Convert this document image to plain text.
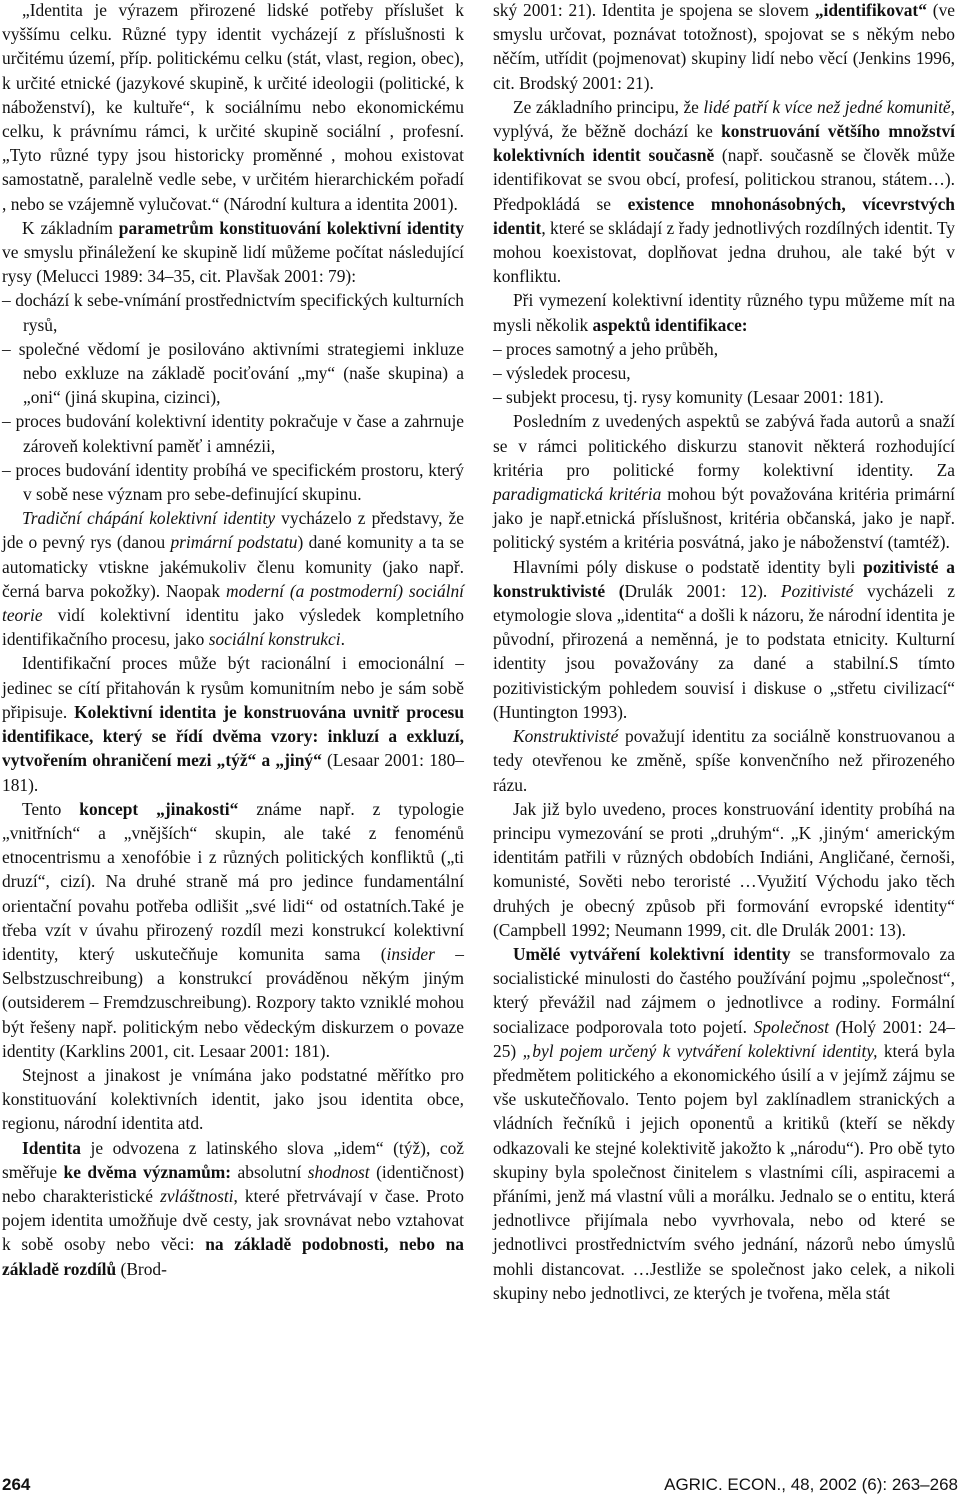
„Identita je výrazem přirozené lidské potřeby příslušet k vyššímu celku. Různé typy identit vycházejí z příslušnosti k určitému území, příp. politickému celku (stát, vlast, region, obec), k určité etnické (jazykové skupině, k určité ideologii (politické, k náboženství), ke kultuře“, k sociálnímu nebo ekonomickému celku, k právnímu rámci, k určité skupině sociální , profesní. „Tyto různé typy jsou historicky proměnné , mohou existovat samostatně, paralelně vedle sebe, v určitém hierarchickém pořadí , nebo se vzájemně vylučovat.“ (Národní kultura a identita 2001).

K základním parametrům konstituování kolektivní identity ve smyslu přináležení ke skupině lidí můžeme počítat následující rysy (Melucci 1989: 34–35, cit. Plavšak 2001: 79):

– dochází k sebe-vnímání prostřednictvím specifických kulturních rysů,

– společné vědomí je posilováno aktivními strategiemi inkluze nebo exkluze na základě pociťování „my“ (naše skupina) a „oni“ (jiná skupina, cizinci),

– proces budování kolektivní identity pokračuje v čase a zahrnuje zároveň kolektivní paměť i amnézii,

– proces budování identity probíhá ve specifickém prostoru, který v sobě nese význam pro sebe-definující skupinu.

Tradiční chápání kolektivní identity vycházelo z představy, že jde o pevný rys (danou primární podstatu) dané komunity a ta se automaticky vtiskne jakémukoliv členu komunity (jako např. černá barva pokožky). Naopak moderní (a postmoderní) sociální teorie vidí kolektivní identitu jako výsledek kompletního identifikačního procesu, jako sociální konstrukci.

Identifikační proces může být racionální i emocionální – jedinec se cítí přitahován k rysům komunitním nebo je sám sobě připisuje. Kolektivní identita je konstruována uvnitř procesu identifikace, který se řídí dvěma vzory: inkluzí a exkluzí, vytvořením ohraničení mezi „týž“ a „jiný“ (Lesaar 2001: 180–181).

Tento koncept „jinakosti“ známe např. z typologie „vnitřních“ a „vnějších“ skupin, ale také z fenoménů etnocentrismu a xenofóbie i z různých politických konfliktů („ti druzí“, cizí). Na druhé straně má pro jedince fundamentální orientační povahu potřeba odlišit „své lidi“ od ostatních.Také je třeba vzít v úvahu přirozený rozdíl mezi konstrukcí kolektivní identity, který uskutečňuje komunita sama (insider – Selbstzuschreibung) a konstrukcí prováděnou někým jiným (outsiderem – Fremdzuschreibung). Rozpory takto vzniklé mohou být řešeny např. politickým nebo vědeckým diskurzem o povaze identity (Karklins 2001, cit. Lesaar 2001: 181).

Stejnost a jinakost je vnímána jako podstatné měřítko pro konstituování kolektivních identit, jako jsou identita obce, regionu, národní identita atd.

Identita je odvozena z latinského slova „idem“ (týž), což směřuje ke dvěma významům: absolutní shodnost (identičnost) nebo charakteristické zvláštnosti, které přetrvávají v čase. Proto pojem identita umožňuje dvě cesty, jak srovnávat nebo vztahovat k sobě osoby nebo věci: na základě podobnosti, nebo na základě rozdílů (Brod-

ský 2001: 21). Identita je spojena se slovem „identifikovat“ (ve smyslu určovat, poznávat totožnost), spojovat se s někým nebo něčím, utřídit (pojmenovat) skupiny lidí nebo věcí (Jenkins 1996, cit. Brodský 2001: 21).

Ze základního principu, že lidé patří k více než jedné komunitě, vyplývá, že běžně dochází ke konstruování většího množství kolektivních identit současně (např. současně se člověk může identifikovat se svou obcí, profesí, politickou stranou, státem…). Předpokládá se existence mnohonásobných, vícevrstvých identit, které se skládají z řady jednotlivých rozdílných identit. Ty mohou koexistovat, doplňovat jedna druhou, ale také být v konfliktu.

Při vymezení kolektivní identity různého typu můžeme mít na mysli několik aspektů identifikace:

– proces samotný a jeho průběh,

– výsledek procesu,

– subjekt procesu, tj. rysy komunity (Lesaar 2001: 181).

Posledním z uvedených aspektů se zabývá řada autorů a snaží se v rámci politického diskurzu stanovit některá rozhodující kritéria pro politické formy kolektivní identity. Za paradigmatická kritéria mohou být považována kritéria primární jako je např.etnická příslušnost, kritéria občanská, jako je např. politický systém a kritéria posvátná, jako je náboženství (tamtéž).

Hlavními póly diskuse o podstatě identity byli pozitivisté a konstruktivisté (Drulák 2001: 12). Pozitivisté vycházeli z etymologie slova „identita“ a došli k názoru, že národní identita je původní, přirozená a neměnná, je to podstata etnicity. Kulturní identity jsou považovány za dané a stabilní.S tímto pozitivistickým pohledem souvisí i diskuse o „střetu civilizací“ (Huntington 1993).

Konstruktivisté považují identitu za sociálně konstruovanou a tedy otevřenou ke změně, spíše konvenčního než přirozeného rázu.

Jak již bylo uvedeno, proces konstruování identity probíhá na principu vymezování se proti „druhým“. „K ‚jiným‘ americkým identitám patřili v různých obdobích Indiáni, Angličané, černoši, komunisté, Sověti nebo teroristé …Využití Východu jako těch druhých je obecný způsob při formování evropské identity“ (Campbell 1992; Neumann 1999, cit. dle Drulák 2001: 13).

Umělé vytváření kolektivní identity se transformovalo za socialistické minulosti do častého používání pojmu „společnost“, který převážil nad zájmem o jednotlivce a rodiny. Formální socializace podporovala toto pojetí. Společnost (Holý 2001: 24–25) „byl pojem určený k vytváření kolektivní identity, která byla předmětem politického a ekonomického úsilí a v jejímž zájmu se vše uskutečňovalo. Tento pojem byl zaklínadlem stranických a vládních řečníků i jejich oponentů a kritiků (kteří se někdy odkazovali ke stejné kolektivitě jakožto k „národu“). Pro obě tyto skupiny byla společnost činitelem s vlastními cíli, aspiracemi a přáními, jenž má vlastní vůli a morálku. Jednalo se o entitu, která jednotlivce přijímala nebo vyvrhovala, nebo od které se jednotlivci prostřednictvím svého jednání, názorů nebo úmyslů mohli distancovat. …Jestliže se společnost jako celek, a nikoli skupiny nebo jednotlivci, ze kterých je tvořena, měla stát

264	AGRIC. ECON., 48, 2002 (6): 263–268
